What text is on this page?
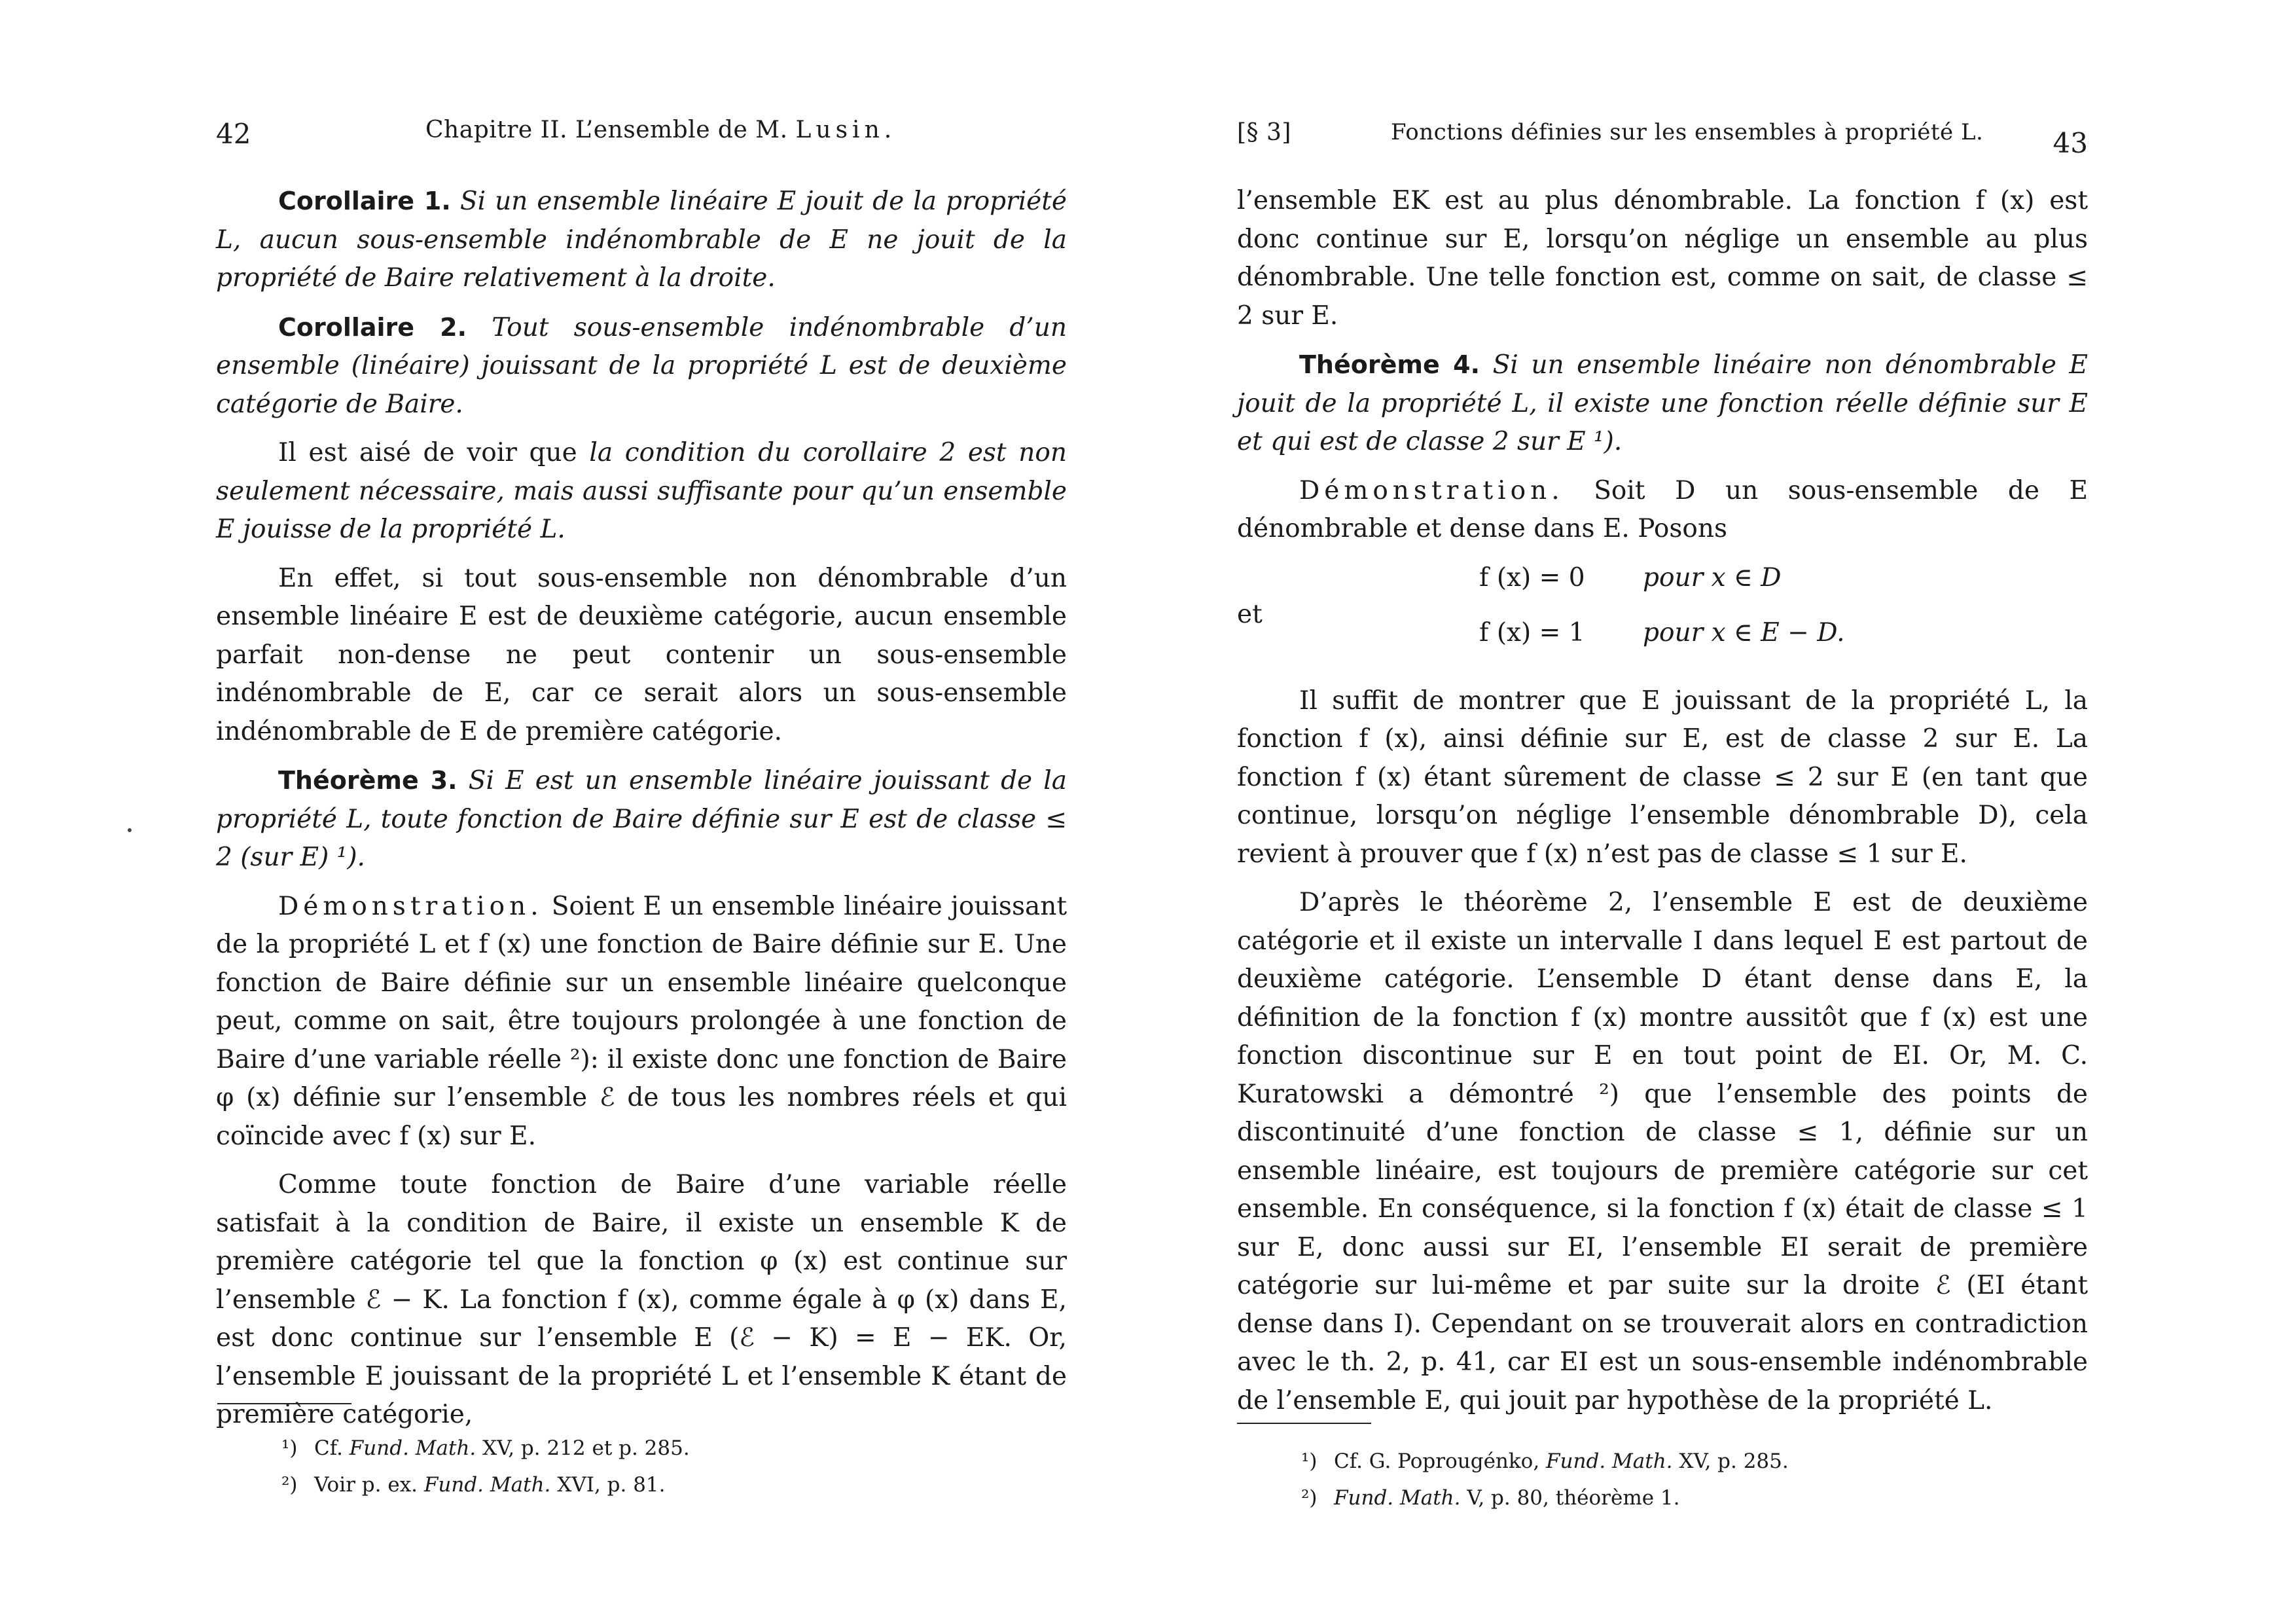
42	Chapitre II. L’ensemble de M. Lusin.

Corollaire 1. Si un ensemble linéaire E jouit de la propriété L, aucun sous-ensemble indénombrable de E ne jouit de la propriété de Baire relativement à la droite.

Corollaire 2. Tout sous-ensemble indénombrable d’un ensemble (linéaire) jouissant de la propriété L est de deuxième catégorie de Baire.

Il est aisé de voir que la condition du corollaire 2 est non seulement nécessaire, mais aussi suffisante pour qu’un ensemble E jouisse de la propriété L.

En effet, si tout sous-ensemble non dénombrable d’un ensemble linéaire E est de deuxième catégorie, aucun ensemble parfait non-dense ne peut contenir un sous-ensemble indénombrable de E, car ce serait alors un sous-ensemble indénombrable de E de première catégorie.

Théorème 3. Si E est un ensemble linéaire jouissant de la propriété L, toute fonction de Baire définie sur E est de classe ≤ 2 (sur E) ¹).

Démonstration. Soient E un ensemble linéaire jouissant de la propriété L et f (x) une fonction de Baire définie sur E. Une fonction de Baire définie sur un ensemble linéaire quelconque peut, comme on sait, être toujours prolongée à une fonction de Baire d’une variable réelle ²): il existe donc une fonction de Baire φ (x) définie sur l’ensemble ℰ de tous les nombres réels et qui coïncide avec f (x) sur E.

Comme toute fonction de Baire d’une variable réelle satisfait à la condition de Baire, il existe un ensemble K de première catégorie tel que la fonction φ (x) est continue sur l’ensemble ℰ − K. La fonction f (x), comme égale à φ (x) dans E, est donc continue sur l’ensemble E (ℰ − K) = E − EK. Or, l’ensemble E jouissant de la propriété L et l’ensemble K étant de première catégorie,

¹) Cf. Fund. Math. XV, p. 212 et p. 285.
²) Voir p. ex. Fund. Math. XVI, p. 81.
[§ 3]	Fonctions définies sur les ensembles à propriété L.	43

l’ensemble EK est au plus dénombrable. La fonction f (x) est donc continue sur E, lorsqu’on néglige un ensemble au plus dénombrable. Une telle fonction est, comme on sait, de classe ≤ 2 sur E.

Théorème 4. Si un ensemble linéaire non dénombrable E jouit de la propriété L, il existe une fonction réelle définie sur E et qui est de classe 2 sur E ¹).

Démonstration. Soit D un sous-ensemble de E dénombrable et dense dans E. Posons

et
f (x) = 0 pour x ∈ D
f (x) = 1 pour x ∈ E − D.

Il suffit de montrer que E jouissant de la propriété L, la fonction f (x), ainsi définie sur E, est de classe 2 sur E. La fonction f (x) étant sûrement de classe ≤ 2 sur E (en tant que continue, lorsqu’on néglige l’ensemble dénombrable D), cela revient à prouver que f (x) n’est pas de classe ≤ 1 sur E.

D’après le théorème 2, l’ensemble E est de deuxième catégorie et il existe un intervalle I dans lequel E est partout de deuxième catégorie. L’ensemble D étant dense dans E, la définition de la fonction f (x) montre aussitôt que f (x) est une fonction discontinue sur E en tout point de EI. Or, M. C. Kuratowski a démontré ²) que l’ensemble des points de discontinuité d’une fonction de classe ≤ 1, définie sur un ensemble linéaire, est toujours de première catégorie sur cet ensemble. En conséquence, si la fonction f (x) était de classe ≤ 1 sur E, donc aussi sur EI, l’ensemble EI serait de première catégorie sur lui-même et par suite sur la droite ℰ (EI étant dense dans I). Cependant on se trouverait alors en contradiction avec le th. 2, p. 41, car EI est un sous-ensemble indénombrable de l’ensemble E, qui jouit par hypothèse de la propriété L.

¹) Cf. G. Poprougénko, Fund. Math. XV, p. 285.
²) Fund. Math. V, p. 80, théorème 1.
